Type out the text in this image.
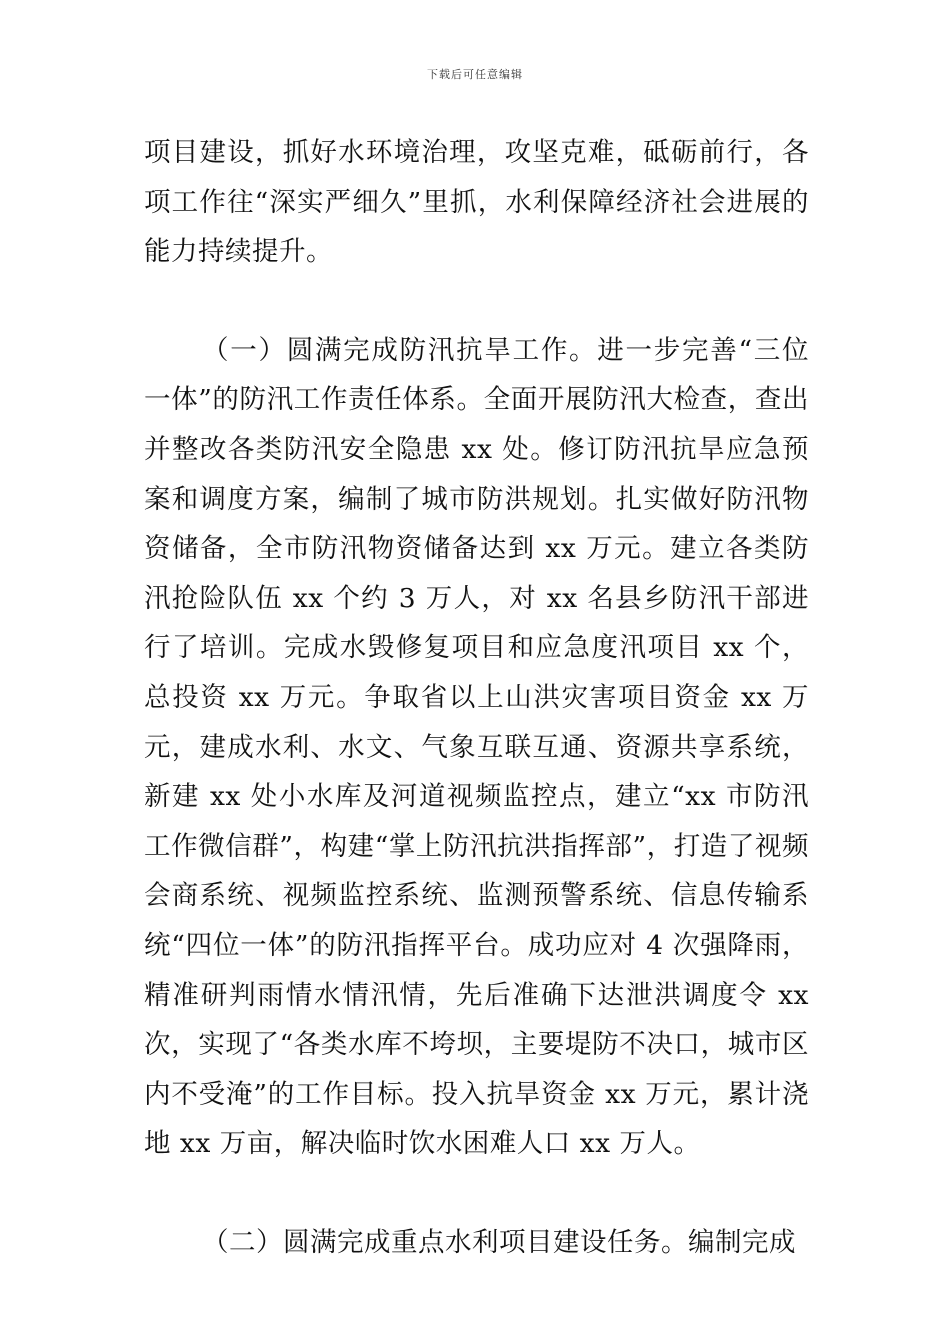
下载后可任意编辑

项目建设，抓好水环境治理，攻坚克难，砥砺前行，各项工作往“深实严细久”里抓，水利保障经济社会进展的能力持续提升。

（一）圆满完成防汛抗旱工作。进一步完善“三位一体”的防汛工作责任体系。全面开展防汛大检查，查出并整改各类防汛安全隐患 xx 处。修订防汛抗旱应急预案和调度方案，编制了城市防洪规划。扎实做好防汛物资储备，全市防汛物资储备达到 xx 万元。建立各类防汛抢险队伍 xx 个约 3 万人，对 xx 名县乡防汛干部进行了培训。完成水毁修复项目和应急度汛项目 xx 个，总投资 xx 万元。争取省以上山洪灾害项目资金 xx 万元，建成水利、水文、气象互联互通、资源共享系统，新建 xx 处小水库及河道视频监控点，建立“xx 市防汛工作微信群”，构建“掌上防汛抗洪指挥部”，打造了视频会商系统、视频监控系统、监测预警系统、信息传输系统“四位一体”的防汛指挥平台。成功应对 4 次强降雨，精准研判雨情水情汛情，先后准确下达泄洪调度令 xx 次，实现了“各类水库不垮坝，主要堤防不决口，城市区内不受淹”的工作目标。投入抗旱资金 xx 万元，累计浇地 xx 万亩，解决临时饮水困难人口 xx 万人。

（二）圆满完成重点水利项目建设任务。编制完成
